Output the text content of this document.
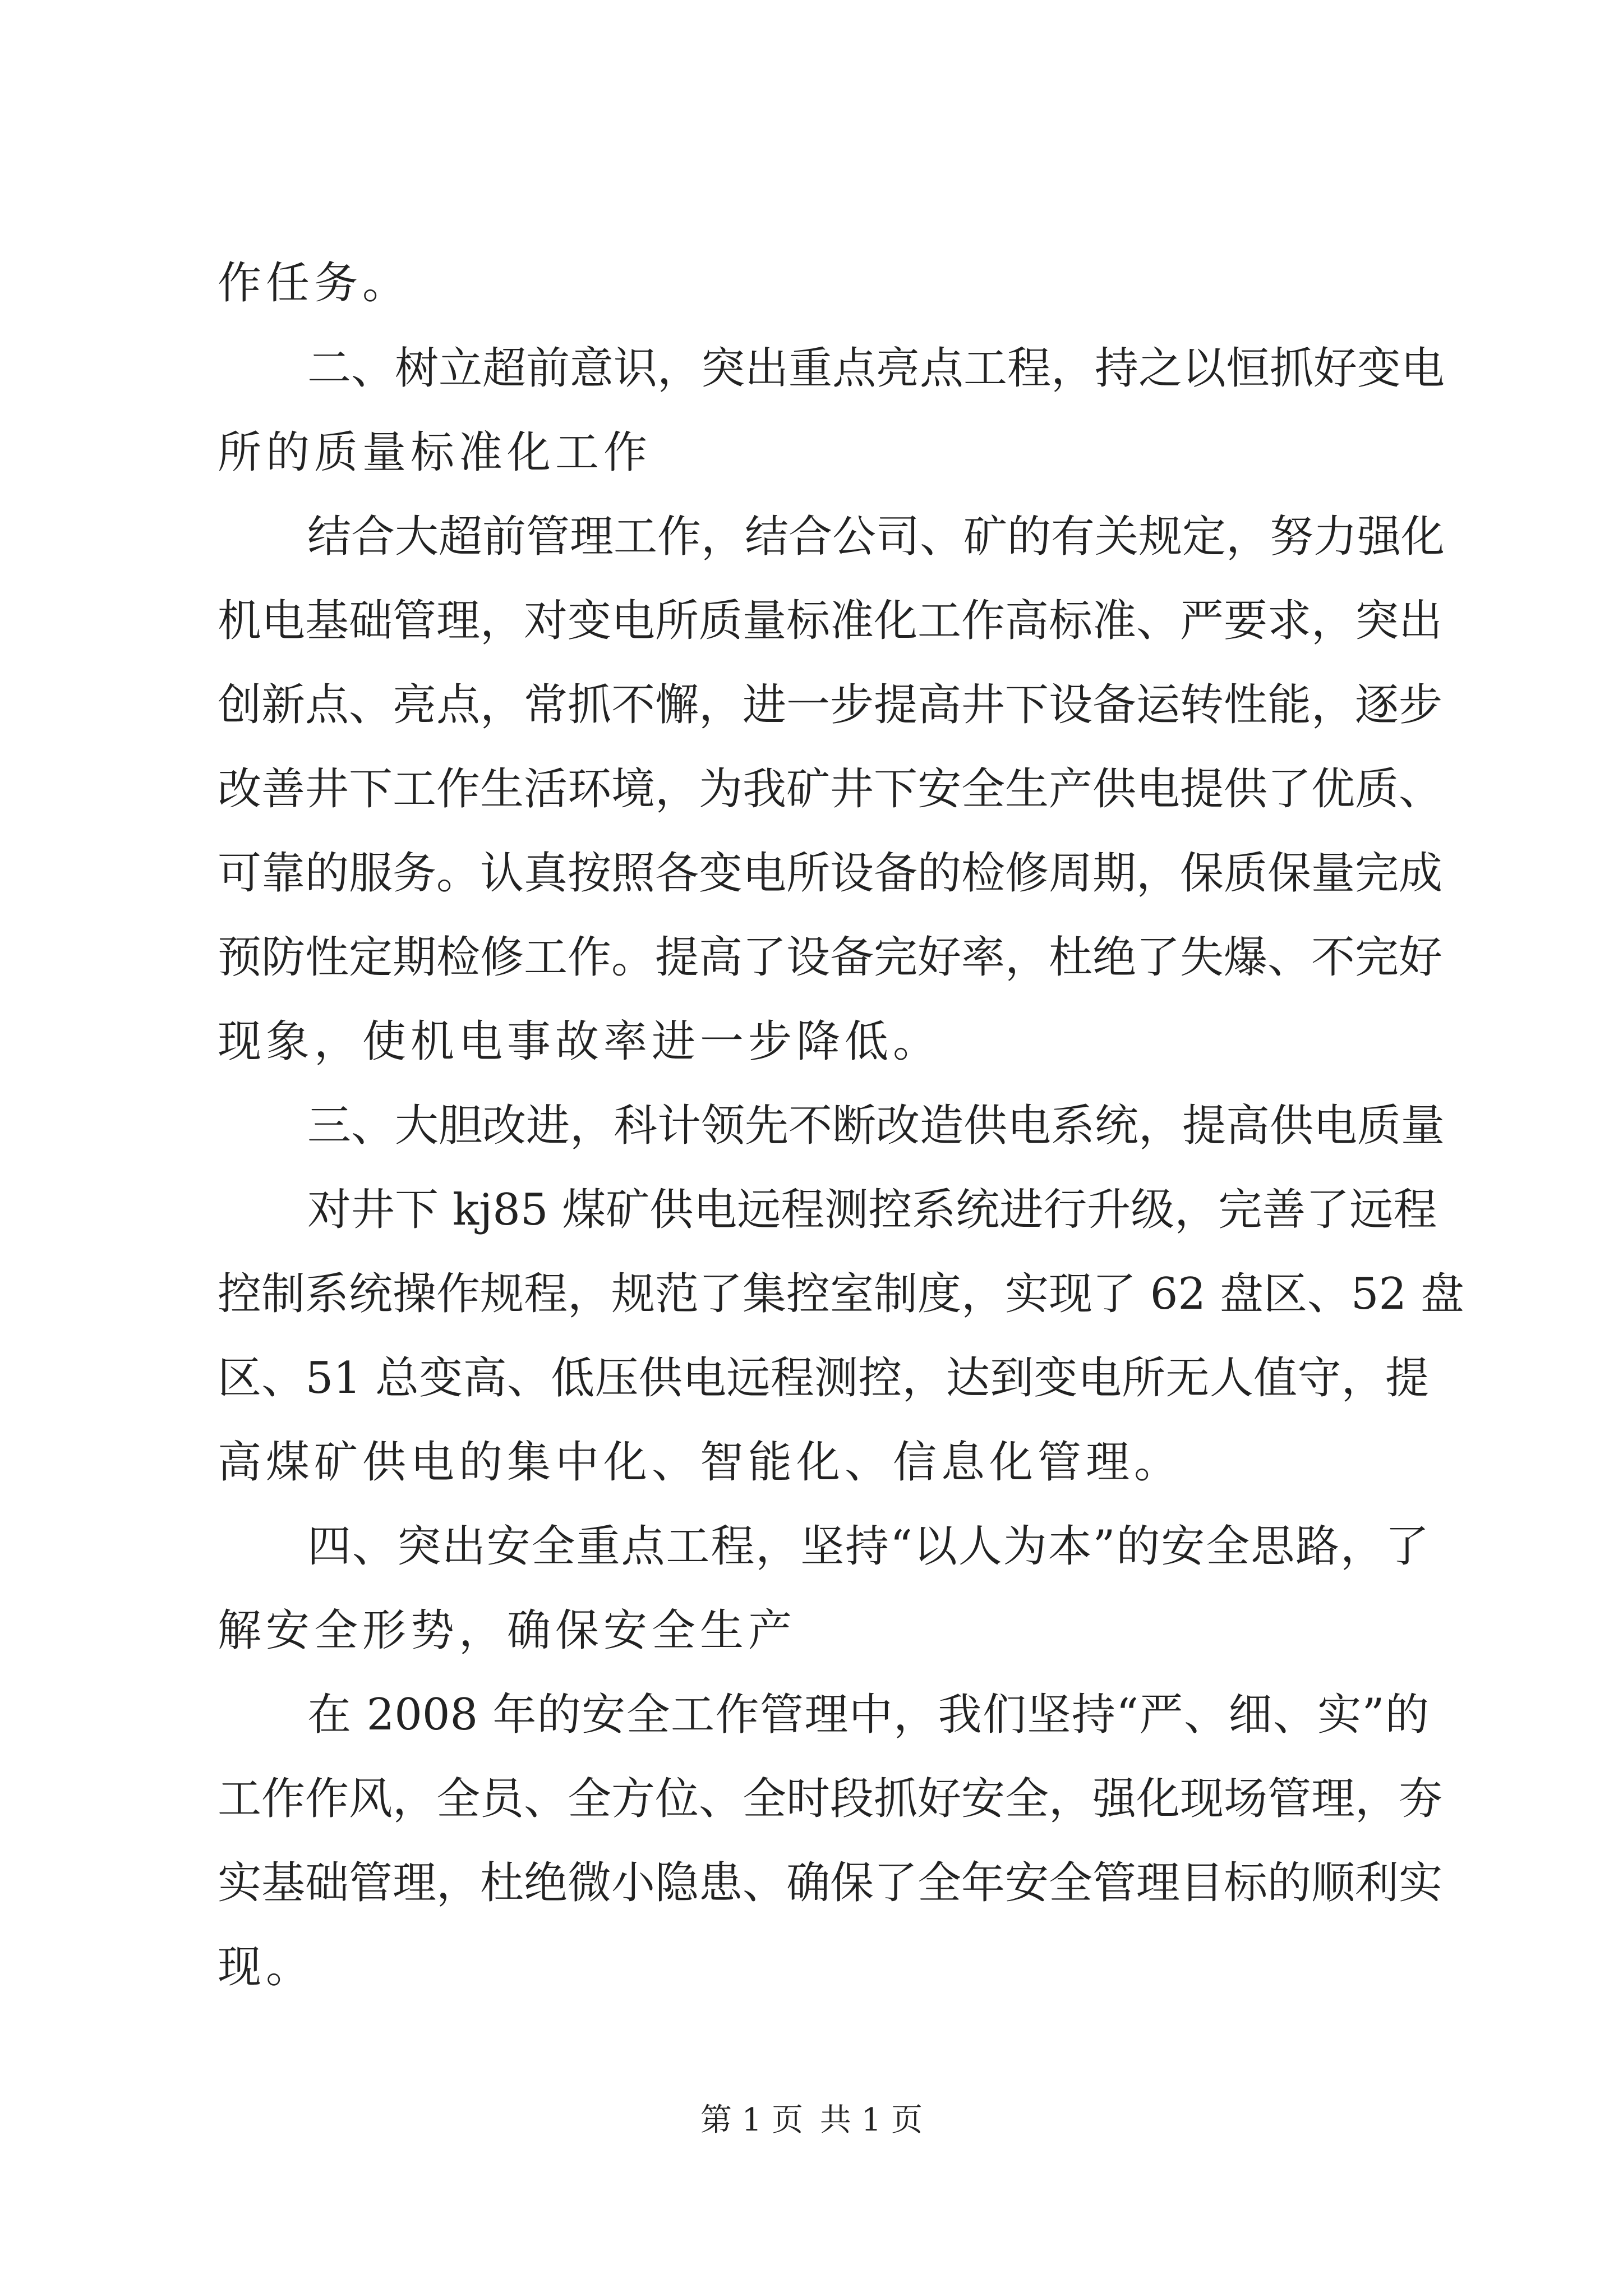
作任务。
二、树立超前意识，突出重点亮点工程，持之以恒抓好变电
所的质量标准化工作
结合大超前管理工作，结合公司、矿的有关规定，努力强化
机电基础管理，对变电所质量标准化工作高标准、严要求，突出
创新点、亮点，常抓不懈，进一步提高井下设备运转性能，逐步
改善井下工作生活环境，为我矿井下安全生产供电提供了优质、
可靠的服务。认真按照各变电所设备的检修周期，保质保量完成
预防性定期检修工作。提高了设备完好率，杜绝了失爆、不完好
现象，使机电事故率进一步降低。
三、大胆改进，科计领先不断改造供电系统，提高供电质量
对井下 kj85 煤矿供电远程测控系统进行升级，完善了远程
控制系统操作规程，规范了集控室制度，实现了 62 盘区、52 盘
区、51 总变高、低压供电远程测控，达到变电所无人值守，提
高煤矿供电的集中化、智能化、信息化管理。
四、突出安全重点工程，坚持“以人为本”的安全思路，了
解安全形势，确保安全生产
在 2008 年的安全工作管理中，我们坚持“严、细、实”的
工作作风，全员、全方位、全时段抓好安全，强化现场管理，夯
实基础管理，杜绝微小隐患、确保了全年安全管理目标的顺利实
现。
第 1 页 共 1 页
